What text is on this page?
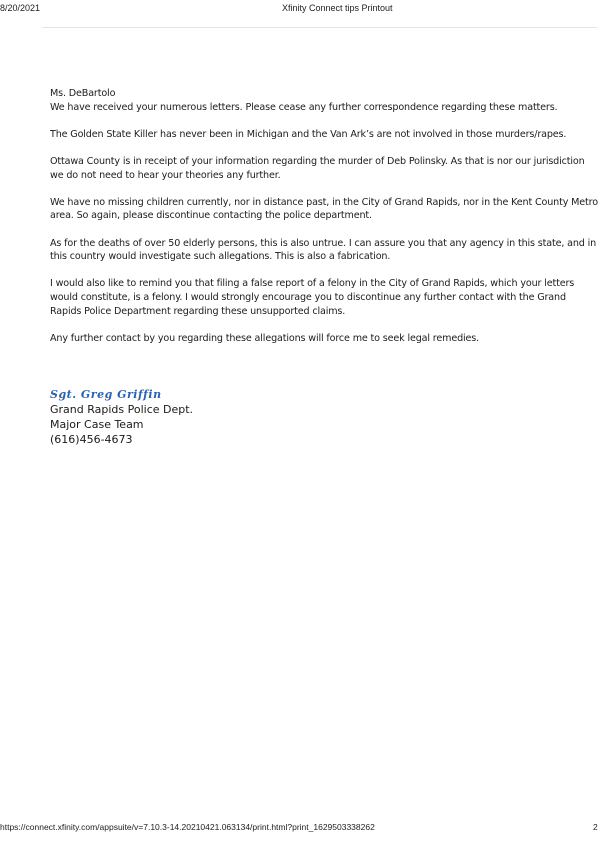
8/20/2021	Xfinity Connect tips Printout

Ms. DeBartolo

We have received your numerous letters. Please cease any further correspondence regarding these matters.

The Golden State Killer has never been in Michigan and the Van Ark’s are not involved in those murders/rapes.

Ottawa County is in receipt of your information regarding the murder of Deb Polinsky. As that is nor our jurisdiction we do not need to hear your theories any further.

We have no missing children currently, nor in distance past, in the City of Grand Rapids, nor in the Kent County Metro area. So again, please discontinue contacting the police department.

As for the deaths of over 50 elderly persons, this is also untrue. I can assure you that any agency in this state, and in this country would investigate such allegations. This is also a fabrication.

I would also like to remind you that filing a false report of a felony in the City of Grand Rapids, which your letters would constitute, is a felony. I would strongly encourage you to discontinue any further contact with the Grand Rapids Police Department regarding these unsupported claims.

Any further contact by you regarding these allegations will force me to seek legal remedies.

Sgt. Greg Griffin
Grand Rapids Police Dept.
Major Case Team
(616)456-4673
https://connect.xfinity.com/appsuite/v=7.10.3-14.20210421.063134/print.html?print_1629503338262	2
